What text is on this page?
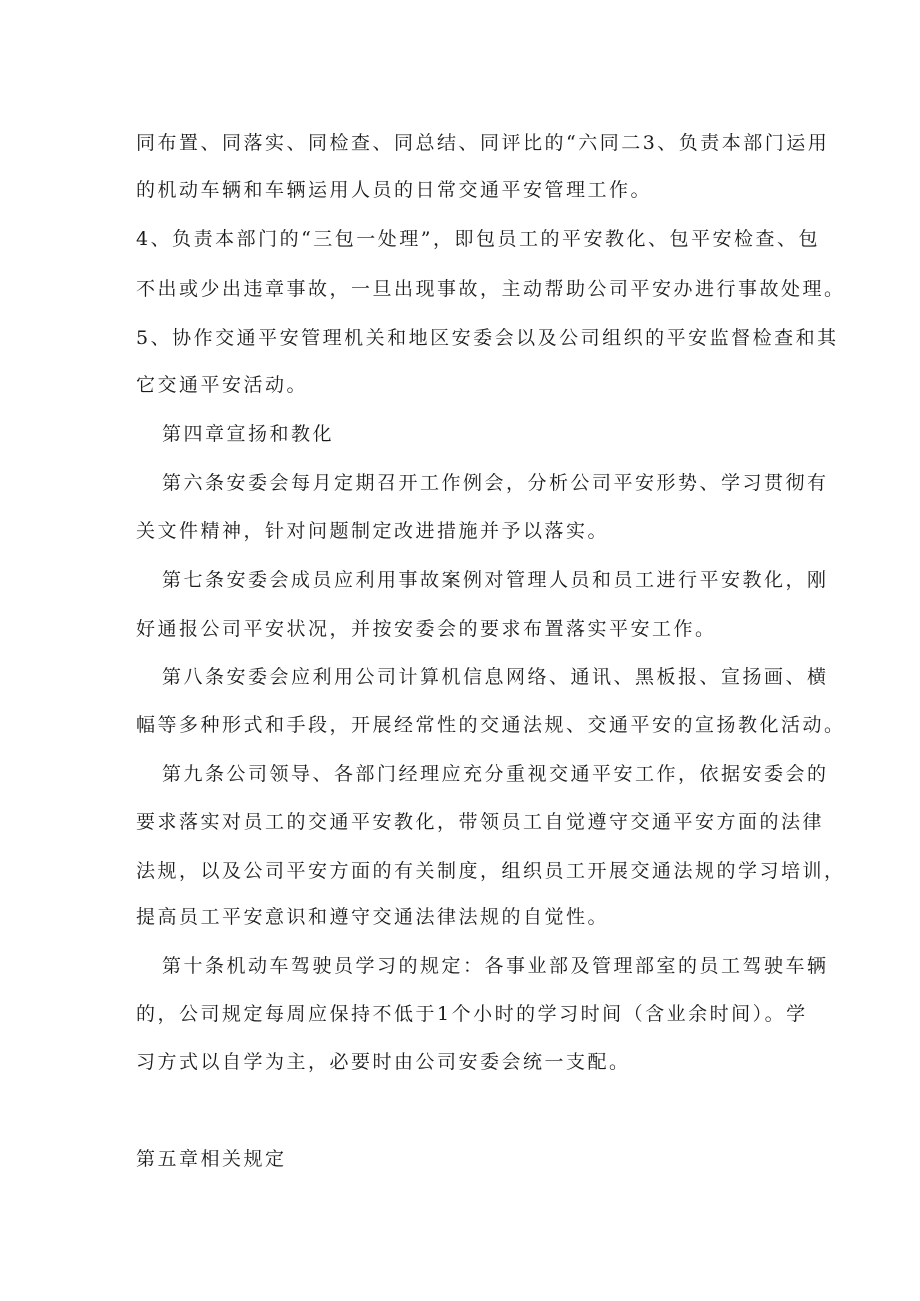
同布置、同落实、同检查、同总结、同评比的“六同二3、负责本部门运用
的机动车辆和车辆运用人员的日常交通平安管理工作。
4、负责本部门的“三包一处理”，即包员工的平安教化、包平安检查、包
不出或少出违章事故，一旦出现事故，主动帮助公司平安办进行事故处理。
5、协作交通平安管理机关和地区安委会以及公司组织的平安监督检查和其
它交通平安活动。
第四章宣扬和教化
第六条安委会每月定期召开工作例会，分析公司平安形势、学习贯彻有
关文件精神，针对问题制定改进措施并予以落实。
第七条安委会成员应利用事故案例对管理人员和员工进行平安教化，刚
好通报公司平安状况，并按安委会的要求布置落实平安工作。
第八条安委会应利用公司计算机信息网络、通讯、黑板报、宣扬画、横
幅等多种形式和手段，开展经常性的交通法规、交通平安的宣扬教化活动。
第九条公司领导、各部门经理应充分重视交通平安工作，依据安委会的
要求落实对员工的交通平安教化，带领员工自觉遵守交通平安方面的法律
法规，以及公司平安方面的有关制度，组织员工开展交通法规的学习培训，
提高员工平安意识和遵守交通法律法规的自觉性。
第十条机动车驾驶员学习的规定：各事业部及管理部室的员工驾驶车辆
的，公司规定每周应保持不低于1个小时的学习时间（含业余时间）。学
习方式以自学为主，必要时由公司安委会统一支配。
第五章相关规定
